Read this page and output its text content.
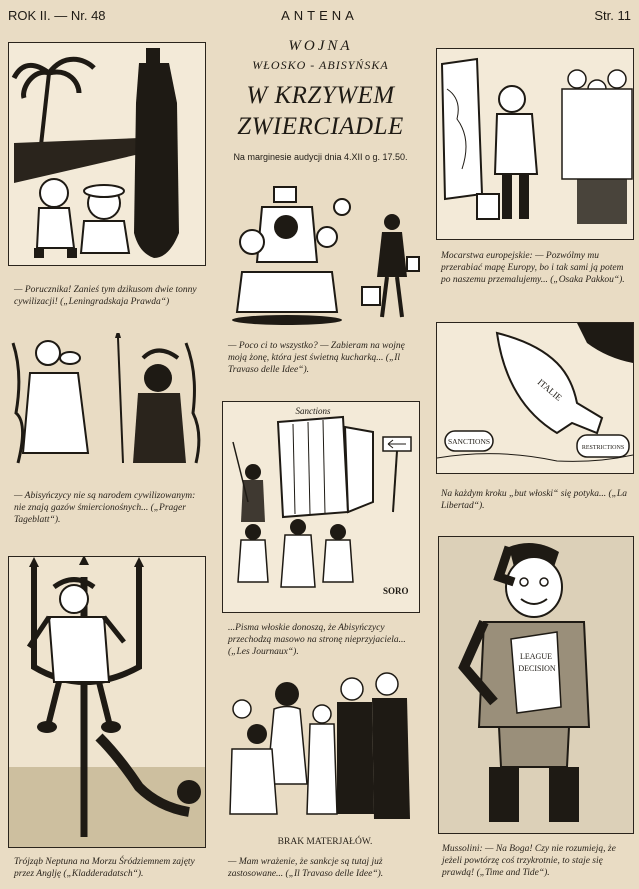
ROK II. — Nr. 48	ANTENA	Str. 11
WOJNA
WŁOSKO - ABISYŃSKA
W KRZYWEM
ZWIERCIADLE
Na marginesie audycji dnia 4.XII o g. 17.50.
— Porucznika! Zanieś tym dzikusom dwie tonny cywilizacji! („Leningradskaja Prawda“)
— Poco ci to wszystko? — Zabieram na wojnę moją żonę, która jest świetną kucharką... („Il Travaso delle Idee“).
Mocarstwa europejskie: — Pozwólmy mu przerabiać mapę Europy, bo i tak sami ją potem po naszemu przemalujemy... („Osaka Pakkou“).
— Abisyńczycy nie są narodem cywilizowanym: nie znają gazów śmiercionośnych... („Prager Tageblatt“).
Sanctions
SORO
...Pisma włoskie donoszą, że Abisyńczycy przechodzą masowo na stronę nieprzyjaciela... („Les Journaux“).
ITALIE
SANCTIONS
RESTRICTIONS
Na każdym kroku „but włoski“ się potyka... („La Libertad“).
Trójząb Neptuna na Morzu Śródziemnem zajęty przez Anglję („Kladderadatsch“).
BRAK MATERJAŁÓW.
— Mam wrażenie, że sankcje są tutaj już zastosowane... („Il Travaso delle Idee“).
LEAGUE
DECISION
Mussolini: — Na Boga! Czy nie rozumieją, że jeżeli powtórzę coś trzykrotnie, to staje się prawdą! („Time and Tide“).
